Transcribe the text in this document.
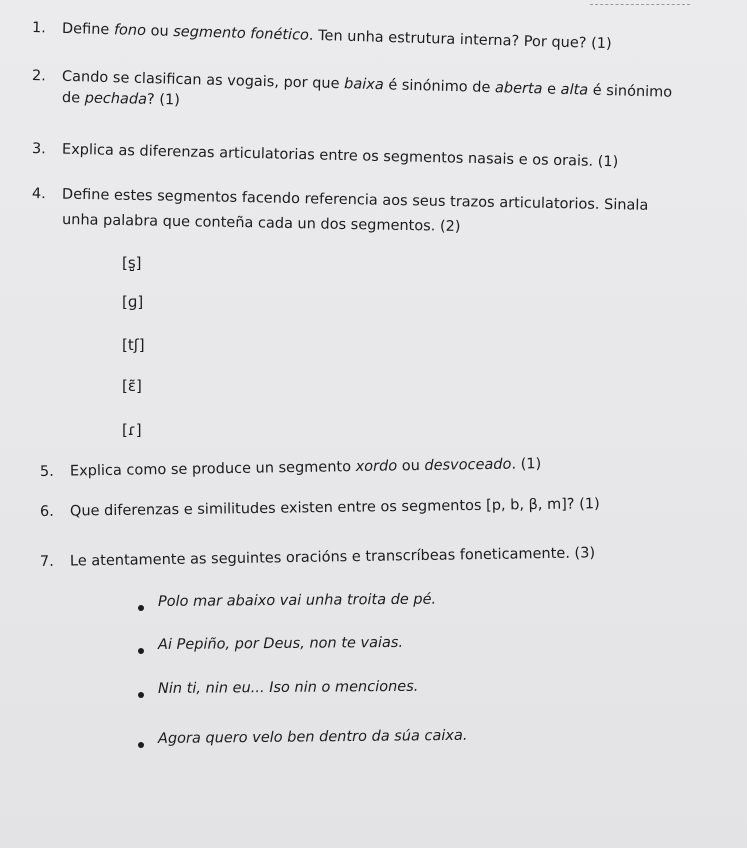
1. Define fono ou segmento fonético. Ten unha estrutura interna? Por que? (1)
2. Cando se clasifican as vogais, por que baixa é sinónimo de aberta e alta é sinónimo
de pechada? (1)
3. Explica as diferenzas articulatorias entre os segmentos nasais e os orais. (1)
4. Define estes segmentos facendo referencia aos seus trazos articulatorios. Sinala
unha palabra que conteña cada un dos segmentos. (2)
[s̺]
[ɡ]
[tʃ]
[ɛ̃]
[ɾ]
5. Explica como se produce un segmento xordo ou desvoceado. (1)
6. Que diferenzas e similitudes existen entre os segmentos [p, b, β, m]? (1)
7. Le atentamente as seguintes oracións e transcríbeas foneticamente. (3)
Polo mar abaixo vai unha troita de pé.
Ai Pepiño, por Deus, non te vaias.
Nin ti, nin eu... Iso nin o menciones.
Agora quero velo ben dentro da súa caixa.
